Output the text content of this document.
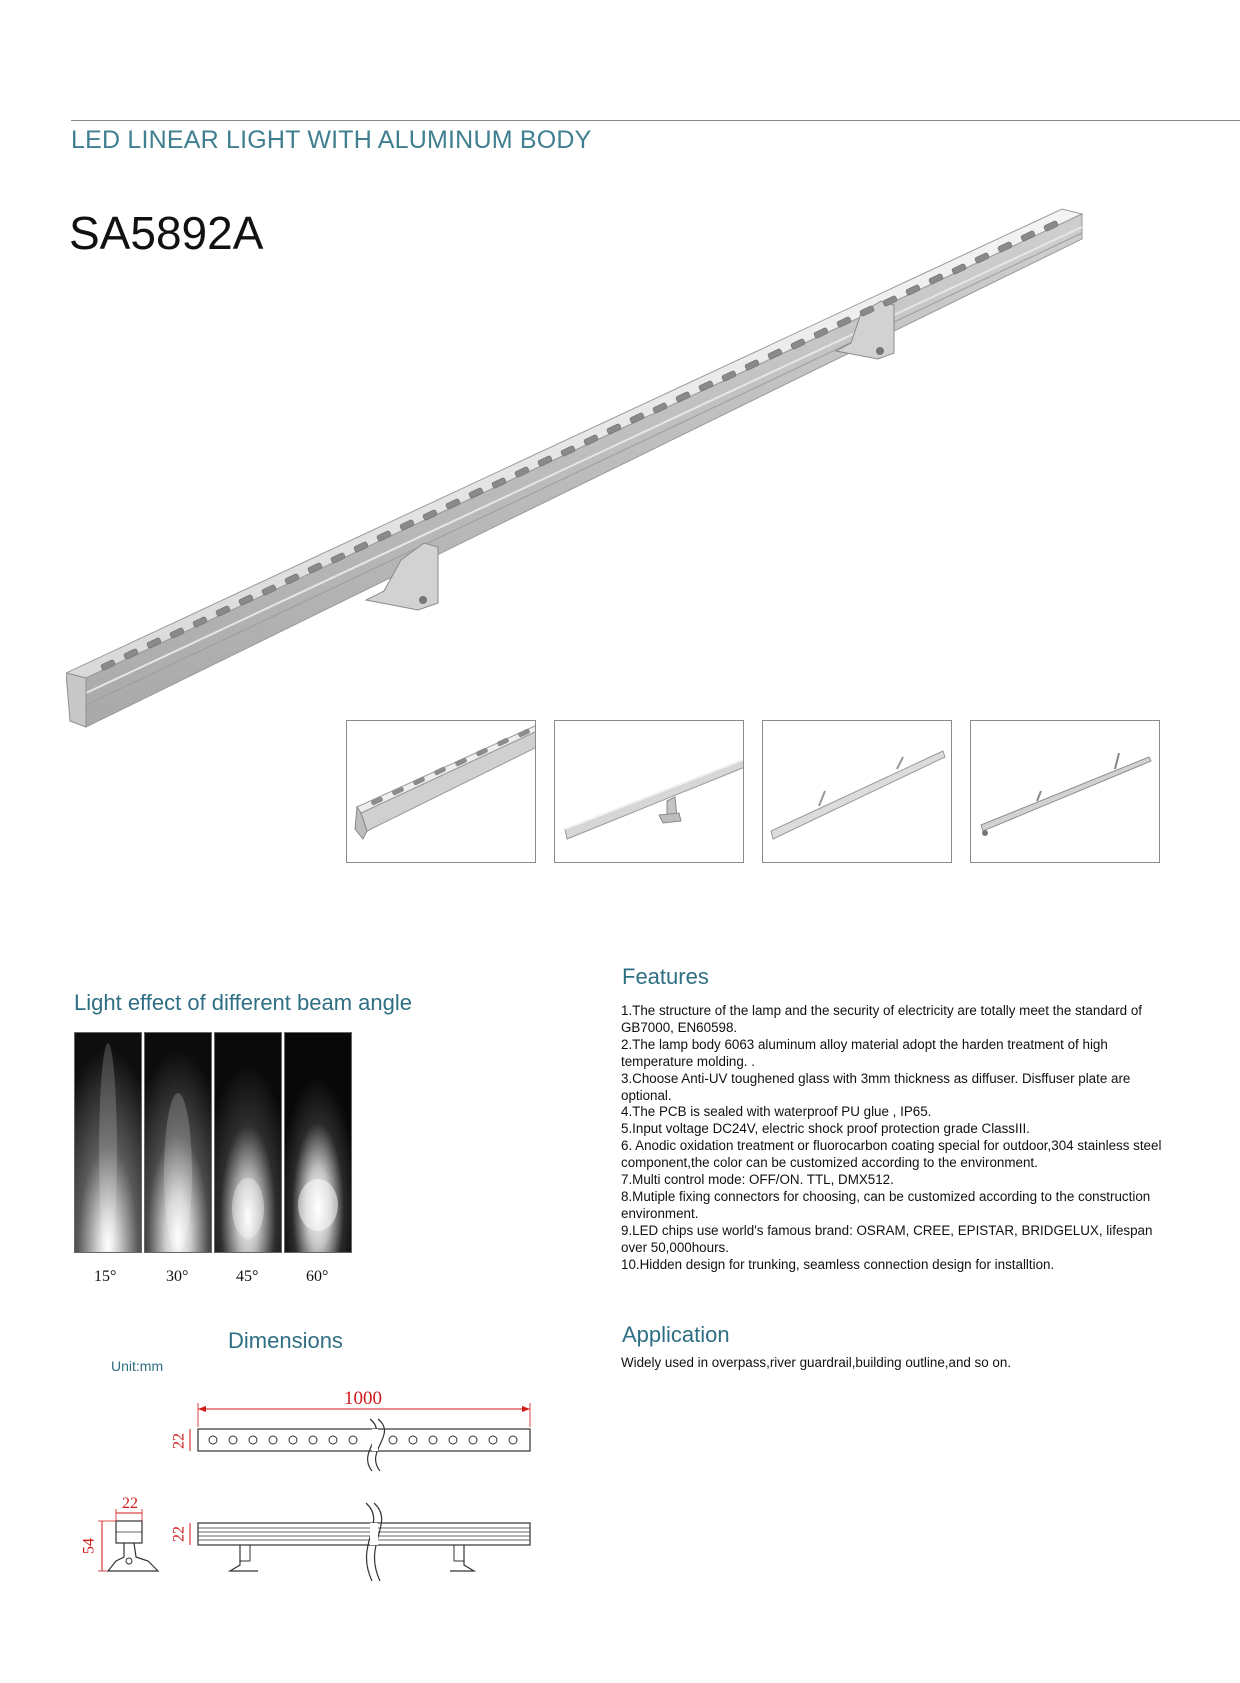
LED LINEAR LIGHT WITH ALUMINUM BODY
SA5892A
Light effect of different beam angle
15°	30°	45°	60°
Features
1.The structure of the lamp and the security of electricity are totally meet the standard of GB7000, EN60598.
2.The lamp body 6063 aluminum alloy material adopt the harden treatment of high temperature molding. .
3.Choose Anti-UV toughened glass with 3mm thickness as diffuser. Disffuser plate are optional.
4.The PCB is sealed with waterproof PU glue , IP65.
5.Input voltage DC24V, electric shock proof protection grade ClassIII.
6. Anodic oxidation treatment or fluorocarbon coating special for outdoor,304 stainless steel component,the color can be customized according to the environment.
7.Multi control mode: OFF/ON. TTL, DMX512.
8.Mutiple fixing connectors for choosing, can be customized according to the construction environment.
9.LED chips use world's famous brand: OSRAM, CREE, EPISTAR, BRIDGELUX, lifespan over 50,000hours.
10.Hidden design for trunking, seamless connection design for installtion.
Application
Widely used in overpass,river guardrail,building outline,and so on.
Dimensions
Unit:mm
1000
22
22
22
54
